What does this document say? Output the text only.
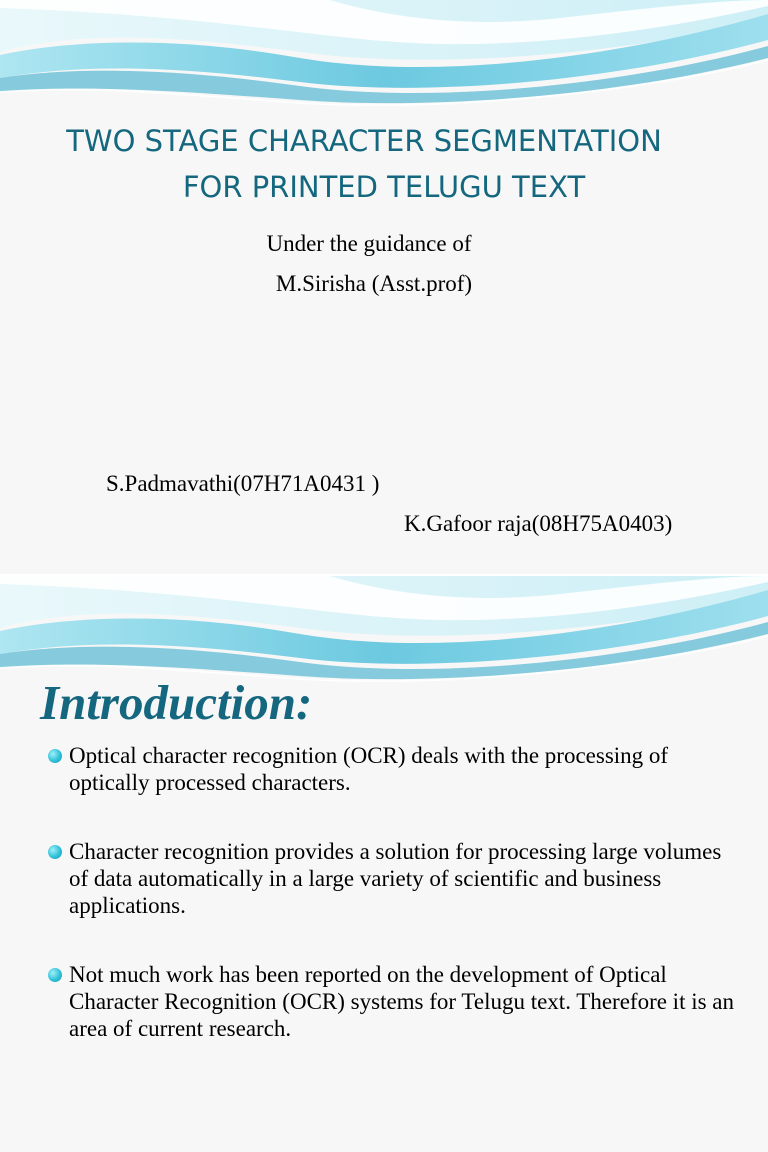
TWO STAGE CHARACTER SEGMENTATION
FOR PRINTED TELUGU TEXT
Under the guidance of
M.Sirisha (Asst.prof)

S.Padmavathi(07H71A0431 )

K.Gafoor raja(08H75A0403)

Introduction:
Optical character recognition (OCR) deals with the processing of optically processed characters.
Character recognition provides a solution for processing large volumes of data automatically in a large variety of scientific and business applications.
Not much work has been reported on the development of Optical Character Recognition (OCR) systems for Telugu text. Therefore it is an area of current research.
